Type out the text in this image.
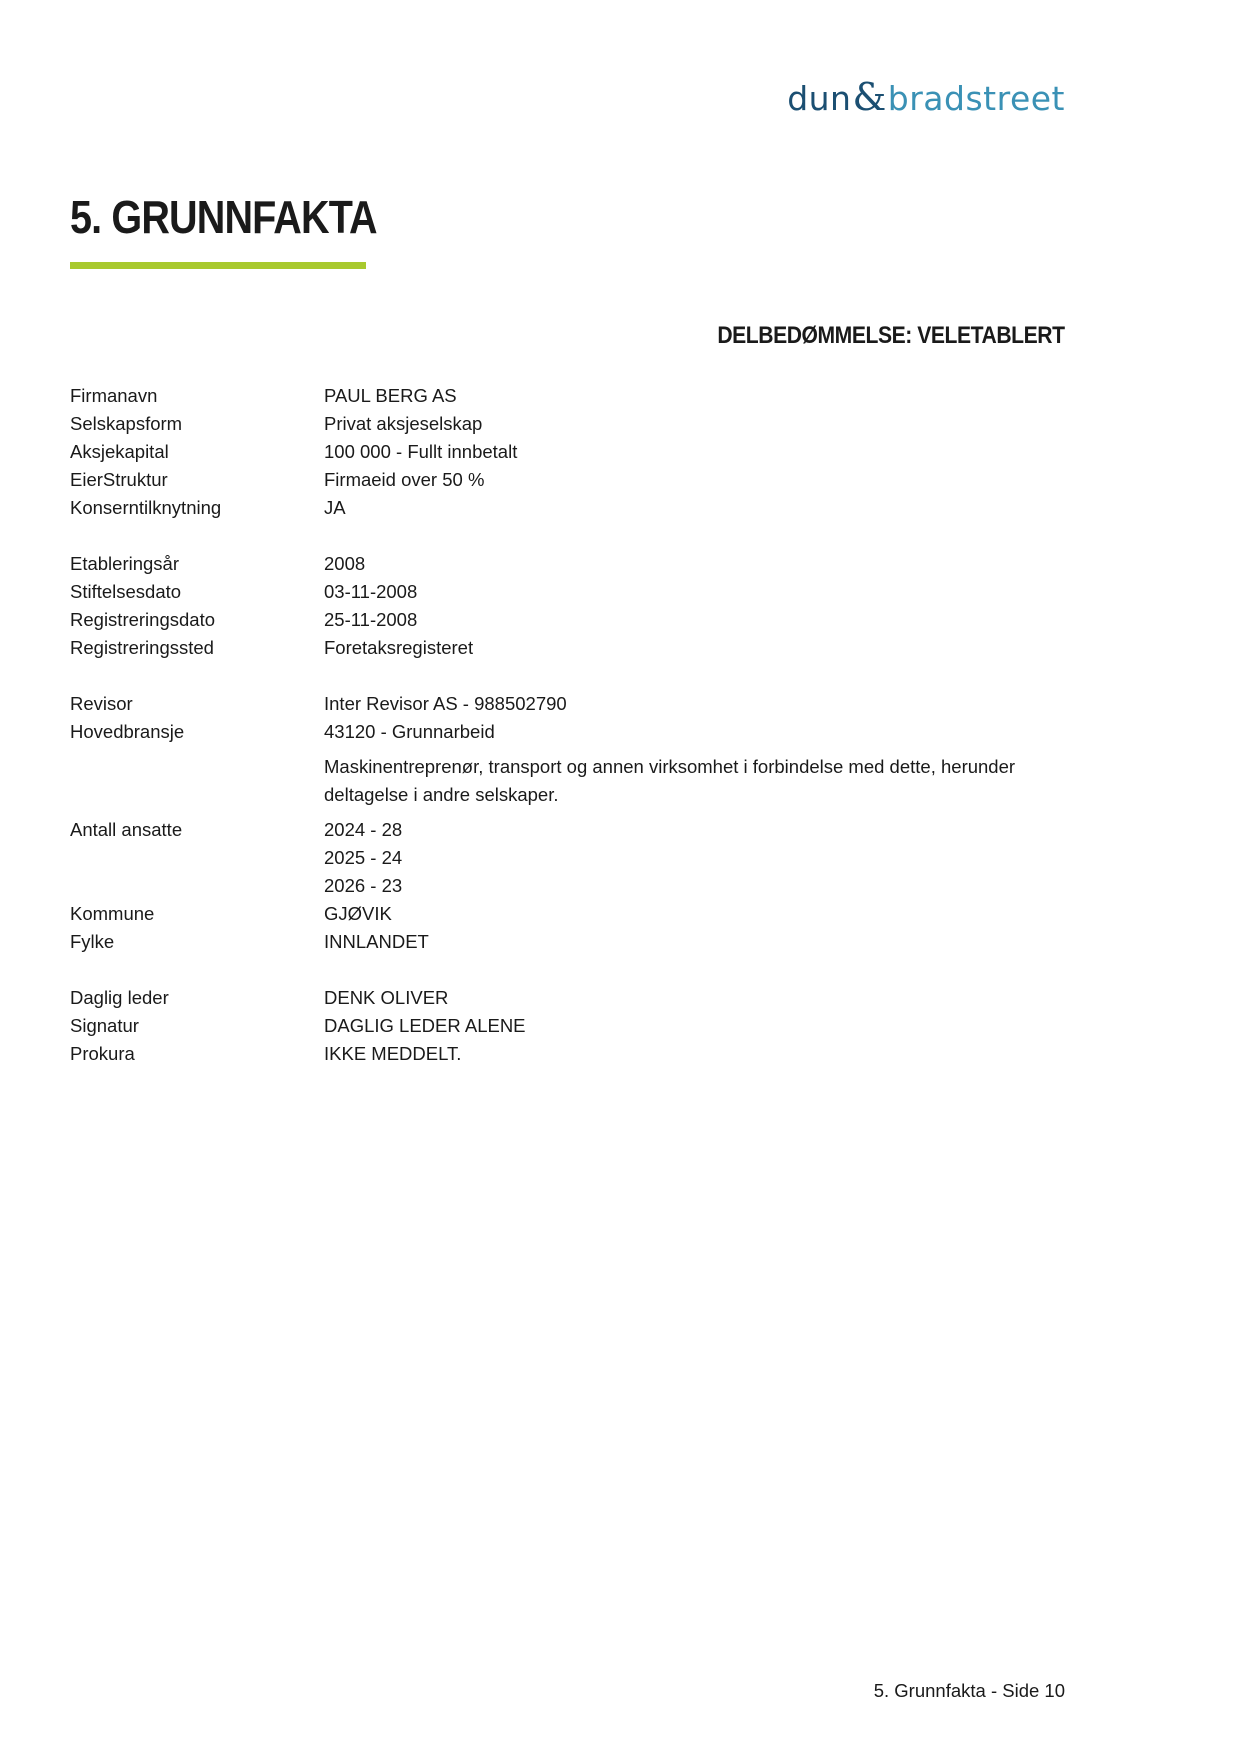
dun&bradstreet
5. GRUNNFAKTA
DELBEDØMMELSE: VELETABLERT
Firmanavn	PAUL BERG AS
Selskapsform	Privat aksjeselskap
Aksjekapital	100 000 - Fullt innbetalt
EierStruktur	Firmaeid over 50 %
Konserntilknytning	JA
Etableringsår	2008
Stiftelsesdato	03-11-2008
Registreringsdato	25-11-2008
Registreringssted	Foretaksregisteret
Revisor	Inter Revisor AS - 988502790
Hovedbransje	43120 - Grunnarbeid
Maskinentreprenør, transport og annen virksomhet i forbindelse med dette, herunder deltagelse i andre selskaper.
Antall ansatte	2024 - 28
2025 - 24
2026 - 23
Kommune	GJØVIK
Fylke	INNLANDET
Daglig leder	DENK OLIVER
Signatur	DAGLIG LEDER ALENE
Prokura	IKKE MEDDELT.
5. Grunnfakta - Side 10
